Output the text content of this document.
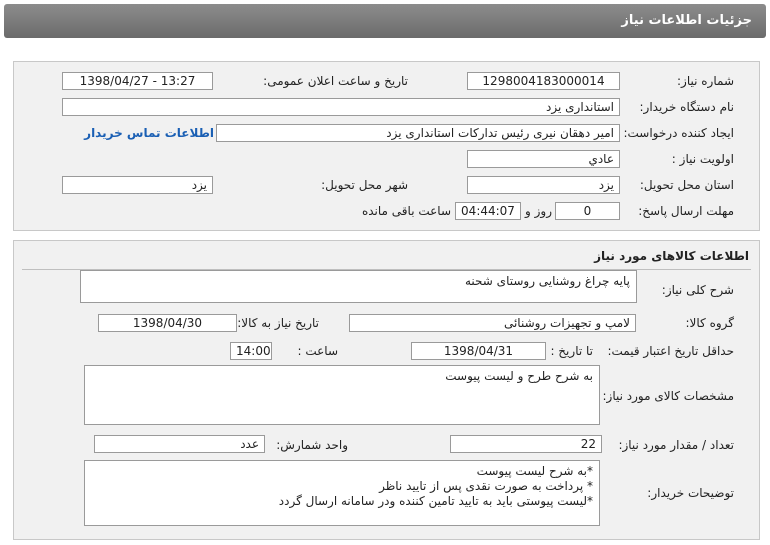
جزئیات اطلاعات نیاز
شماره نیاز:
1298004183000014
تاریخ و ساعت اعلان عمومی:
1398/04/27 - 13:27
نام دستگاه خریدار:
استانداری یزد
ایجاد کننده درخواست:
امیر دهقان نیری رئیس تدارکات استانداری یزد
اطلاعات تماس خریدار
اولویت نیاز :
عادي
استان محل تحویل:
یزد
شهر محل تحویل:
یزد
مهلت ارسال پاسخ:
0
روز و
04:44:07
ساعت باقی مانده
اطلاعات کالاهای مورد نیاز
شرح کلی نیاز:
پایه چراغ روشنایی روستای شحنه
گروه کالا:
لامپ و تجهیزات روشنائی
تاریخ نیاز به کالا:
1398/04/30
حداقل تاریخ اعتبار قیمت:
تا تاریخ :
1398/04/31
ساعت :
14:00
مشخصات کالای مورد نیاز:
به شرح طرح و لیست پیوست
تعداد / مقدار مورد نیاز:
22
واحد شمارش:
عدد
توضیحات خریدار:
*به شرح لیست پیوست
* پرداخت به صورت نقدی پس از تایید ناظر
*لیست پیوستی باید به تایید تامین کننده ودر سامانه ارسال گردد
